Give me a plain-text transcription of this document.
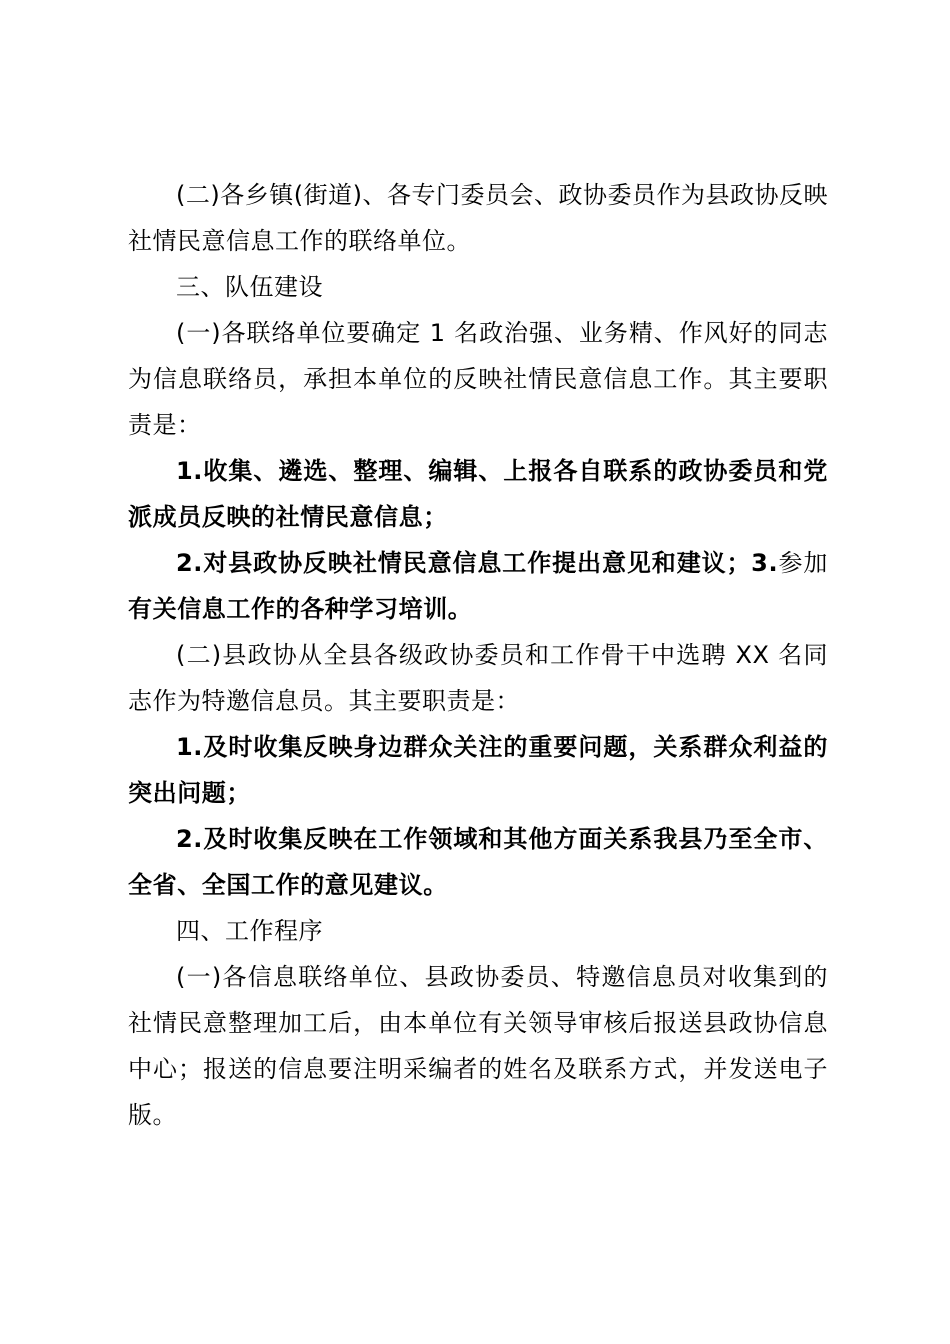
(二)各乡镇(街道)、各专门委员会、政协委员作为县政协反映社情民意信息工作的联络单位。

三、队伍建设

(一)各联络单位要确定 1 名政治强、业务精、作风好的同志为信息联络员，承担本单位的反映社情民意信息工作。其主要职责是：

1.收集、遴选、整理、编辑、上报各自联系的政协委员和党派成员反映的社情民意信息；

2.对县政协反映社情民意信息工作提出意见和建议；3.参加有关信息工作的各种学习培训。

(二)县政协从全县各级政协委员和工作骨干中选聘 XX 名同志作为特邀信息员。其主要职责是：

1.及时收集反映身边群众关注的重要问题，关系群众利益的突出问题；

2.及时收集反映在工作领域和其他方面关系我县乃至全市、全省、全国工作的意见建议。

四、工作程序

(一)各信息联络单位、县政协委员、特邀信息员对收集到的社情民意整理加工后，由本单位有关领导审核后报送县政协信息中心；报送的信息要注明采编者的姓名及联系方式，并发送电子版。
